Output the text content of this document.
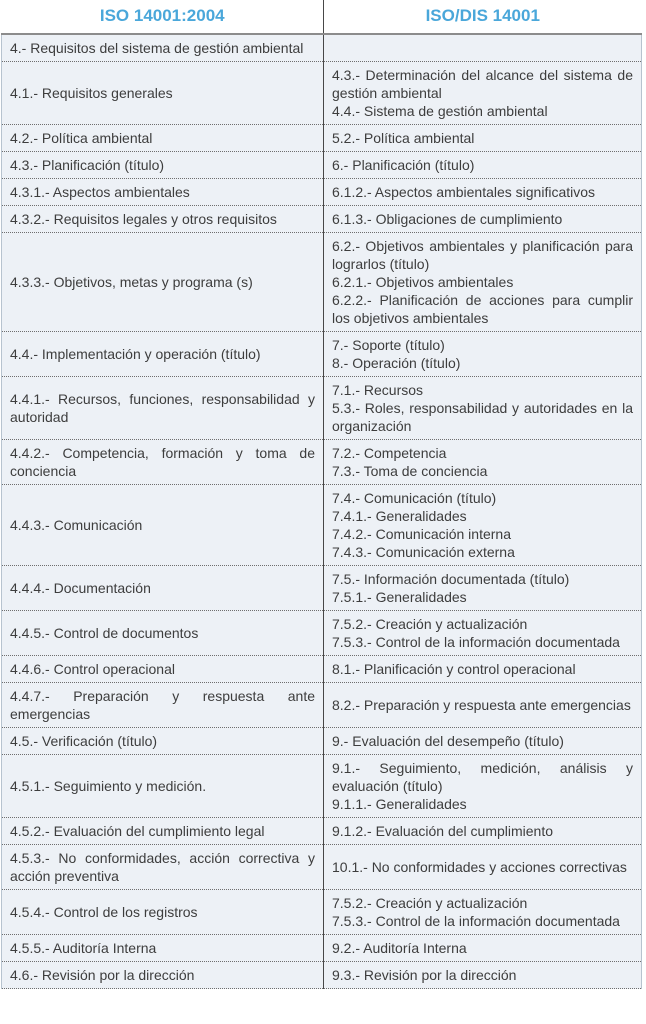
ISO 14001:2004	ISO/DIS 14001

4.- Requisitos del sistema de gestión ambiental	

4.1.- Requisitos generales	4.3.- Determinación del alcance del sistema de gestión ambiental
4.4.- Sistema de gestión ambiental

4.2.- Política ambiental	5.2.- Política ambiental

4.3.- Planificación (título)	6.- Planificación (título)

4.3.1.- Aspectos ambientales	6.1.2.- Aspectos ambientales significativos

4.3.2.- Requisitos legales y otros requisitos	6.1.3.- Obligaciones de cumplimiento

4.3.3.- Objetivos, metas y programa (s)	6.2.- Objetivos ambientales y planificación para lograrlos (título)
6.2.1.- Objetivos ambientales
6.2.2.- Planificación de acciones para cumplir los objetivos ambientales

4.4.- Implementación y operación (título)	7.- Soporte (título)
8.- Operación (título)

4.4.1.- Recursos, funciones, responsabilidad y autoridad	7.1.- Recursos
5.3.- Roles, responsabilidad y autoridades en la organización

4.4.2.- Competencia, formación y toma de conciencia	7.2.- Competencia
7.3.- Toma de conciencia

4.4.3.- Comunicación	7.4.- Comunicación (título)
7.4.1.- Generalidades
7.4.2.- Comunicación interna
7.4.3.- Comunicación externa

4.4.4.- Documentación	7.5.- Información documentada (título)
7.5.1.- Generalidades

4.4.5.- Control de documentos	7.5.2.- Creación y actualización
7.5.3.- Control de la información documentada

4.4.6.- Control operacional	8.1.- Planificación y control operacional

4.4.7.- Preparación y respuesta ante emergencias	8.2.- Preparación y respuesta ante emergencias

4.5.- Verificación (título)	9.- Evaluación del desempeño (título)

4.5.1.- Seguimiento y medición.	9.1.- Seguimiento, medición, análisis y evaluación (título)
9.1.1.- Generalidades

4.5.2.- Evaluación del cumplimiento legal	9.1.2.- Evaluación del cumplimiento

4.5.3.- No conformidades, acción correctiva y acción preventiva	10.1.- No conformidades y acciones correctivas

4.5.4.- Control de los registros	7.5.2.- Creación y actualización
7.5.3.- Control de la información documentada

4.5.5.- Auditoría Interna	9.2.- Auditoría Interna

4.6.- Revisión por la dirección	9.3.- Revisión por la dirección
